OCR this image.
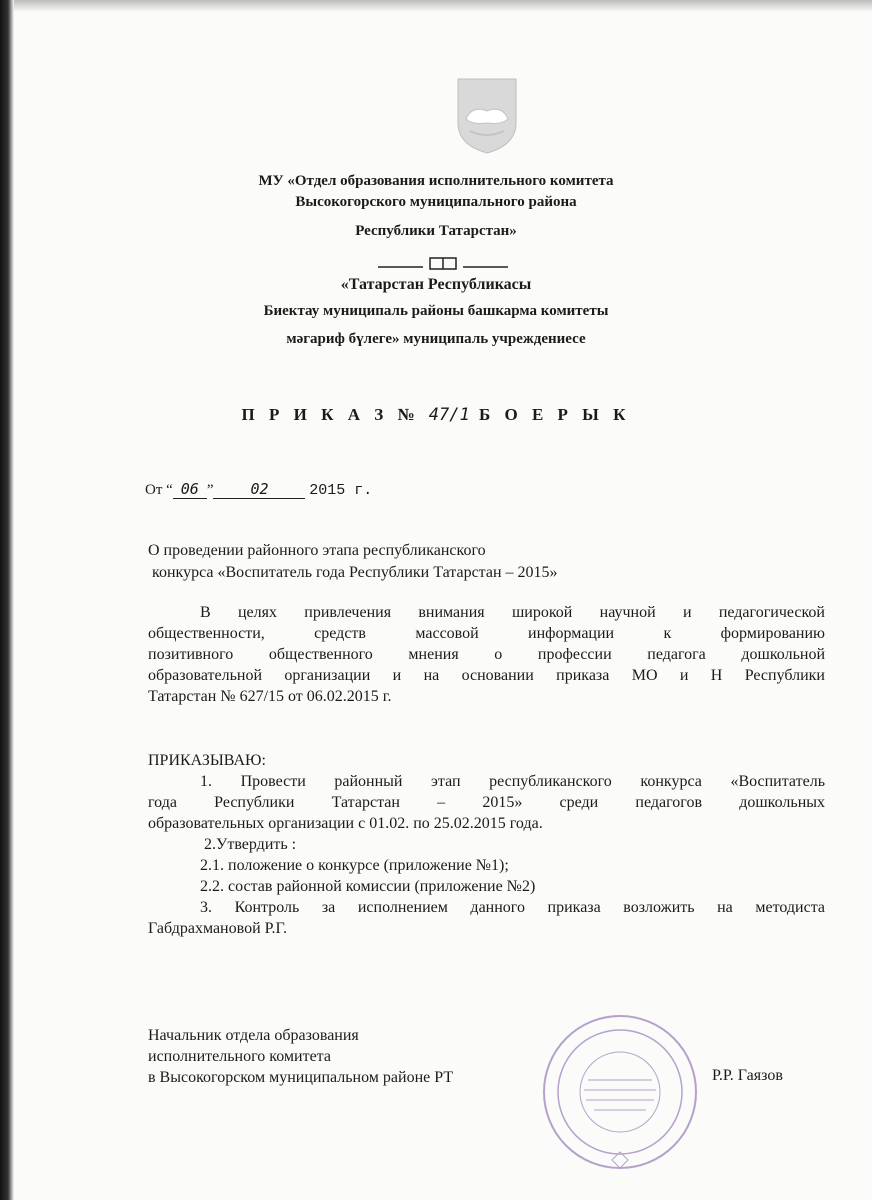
МУ «Отдел образования исполнительного комитета
Высокогорского муниципального района
Республики Татарстан»
«Татарстан Республикасы
Биектау муниципаль районы башкарма комитеты
мәгариф бүлеге» муниципаль учреждениесе
П Р И К А З № 47/1 Б О Е Р Ы К
От “ 06 ” 02	2015 г.
О проведении районного этапа республиканского
конкурса «Воспитатель года Республики Татарстан – 2015»
В целях привлечения внимания широкой научной и педагогической
общественности, средств массовой информации к формированию
позитивного общественного мнения о профессии педагога дошкольной
образовательной организации и на основании приказа МО и Н Республики
Татарстан № 627/15 от 06.02.2015 г.
ПРИКАЗЫВАЮ:
1. Провести районный этап республиканского конкурса «Воспитатель
года Республики Татарстан – 2015» среди педагогов дошкольных
образовательных организации с 01.02. по 25.02.2015 года.
2.Утвердить :
2.1. положение о конкурсе (приложение №1);
2.2. состав районной комиссии (приложение №2)
3. Контроль за исполнением данного приказа возложить на методиста
Габдрахмановой Р.Г.
Начальник отдела образования
исполнительного комитета
в Высокогорском муниципальном районе РТ	Р.Р. Гаязов
